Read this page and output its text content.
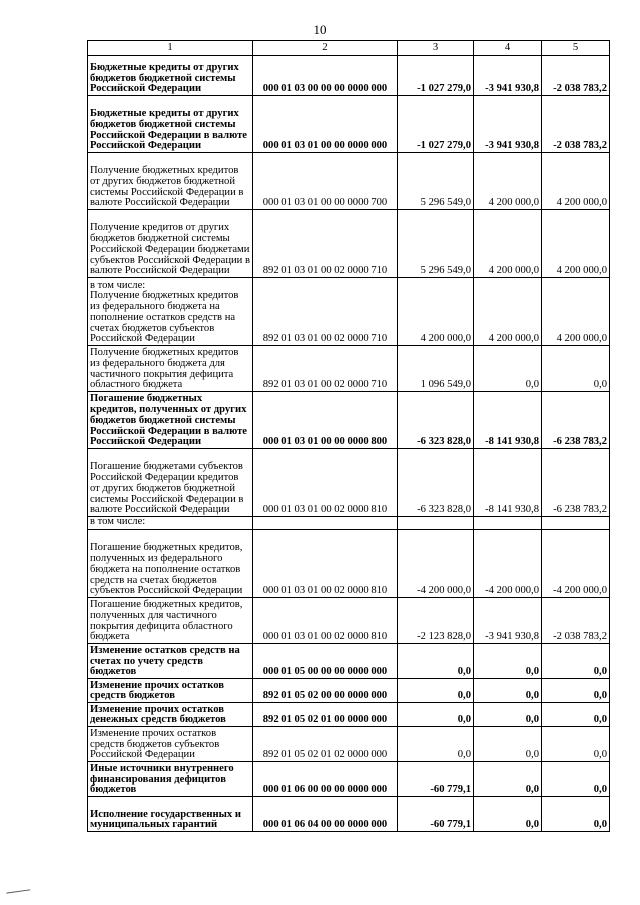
10
1	2	3	4	5
Бюджетные кредиты от других бюджетов бюджетной системы Российской Федерации	000 01 03 00 00 00 0000 000	-1 027 279,0	-3 941 930,8	-2 038 783,2
Бюджетные кредиты от других бюджетов бюджетной системы Российской Федерации в валюте Российской Федерации	000 01 03 01 00 00 0000 000	-1 027 279,0	-3 941 930,8	-2 038 783,2
Получение бюджетных кредитов от других бюджетов бюджетной системы Российской Федерации в валюте Российской Федерации	000 01 03 01 00 00 0000 700	5 296 549,0	4 200 000,0	4 200 000,0
Получение кредитов от других бюджетов бюджетной системы Российской Федерации бюджетами субъектов Российской Федерации в валюте Российской Федерации	892 01 03 01 00 02 0000 710	5 296 549,0	4 200 000,0	4 200 000,0
в том числе:
Получение бюджетных кредитов из федерального бюджета на пополнение остатков средств на счетах бюджетов субъектов Российской Федерации	892 01 03 01 00 02 0000 710	4 200 000,0	4 200 000,0	4 200 000,0
Получение бюджетных кредитов из федерального бюджета для частичного покрытия дефицита областного бюджета	892 01 03 01 00 02 0000 710	1 096 549,0	0,0	0,0
Погашение бюджетных кредитов, полученных от других бюджетов бюджетной системы Российской Федерации в валюте Российской Федерации	000 01 03 01 00 00 0000 800	-6 323 828,0	-8 141 930,8	-6 238 783,2
Погашение бюджетами субъектов Российской Федерации кредитов от других бюджетов бюджетной системы Российской Федерации в валюте Российской Федерации	000 01 03 01 00 02 0000 810	-6 323 828,0	-8 141 930,8	-6 238 783,2
в том числе:				
Погашение бюджетных кредитов, полученных из федерального бюджета на пополнение остатков средств на счетах бюджетов субъектов Российской Федерации	000 01 03 01 00 02 0000 810	-4 200 000,0	-4 200 000,0	-4 200 000,0
Погашение бюджетных кредитов, полученных для частичного покрытия дефицита областного бюджета	000 01 03 01 00 02 0000 810	-2 123 828,0	-3 941 930,8	-2 038 783,2
Изменение остатков средств на счетах по учету средств бюджетов	000 01 05 00 00 00 0000 000	0,0	0,0	0,0
Изменение прочих остатков средств бюджетов	892 01 05 02 00 00 0000 000	0,0	0,0	0,0
Изменение прочих остатков денежных средств бюджетов	892 01 05 02 01 00 0000 000	0,0	0,0	0,0
Изменение прочих остатков средств бюджетов субъектов Российской Федерации	892 01 05 02 01 02 0000 000	0,0	0,0	0,0
Иные источники внутреннего финансирования дефицитов бюджетов	000 01 06 00 00 00 0000 000	-60 779,1	0,0	0,0
Исполнение государственных и муниципальных гарантий	000 01 06 04 00 00 0000 000	-60 779,1	0,0	0,0
